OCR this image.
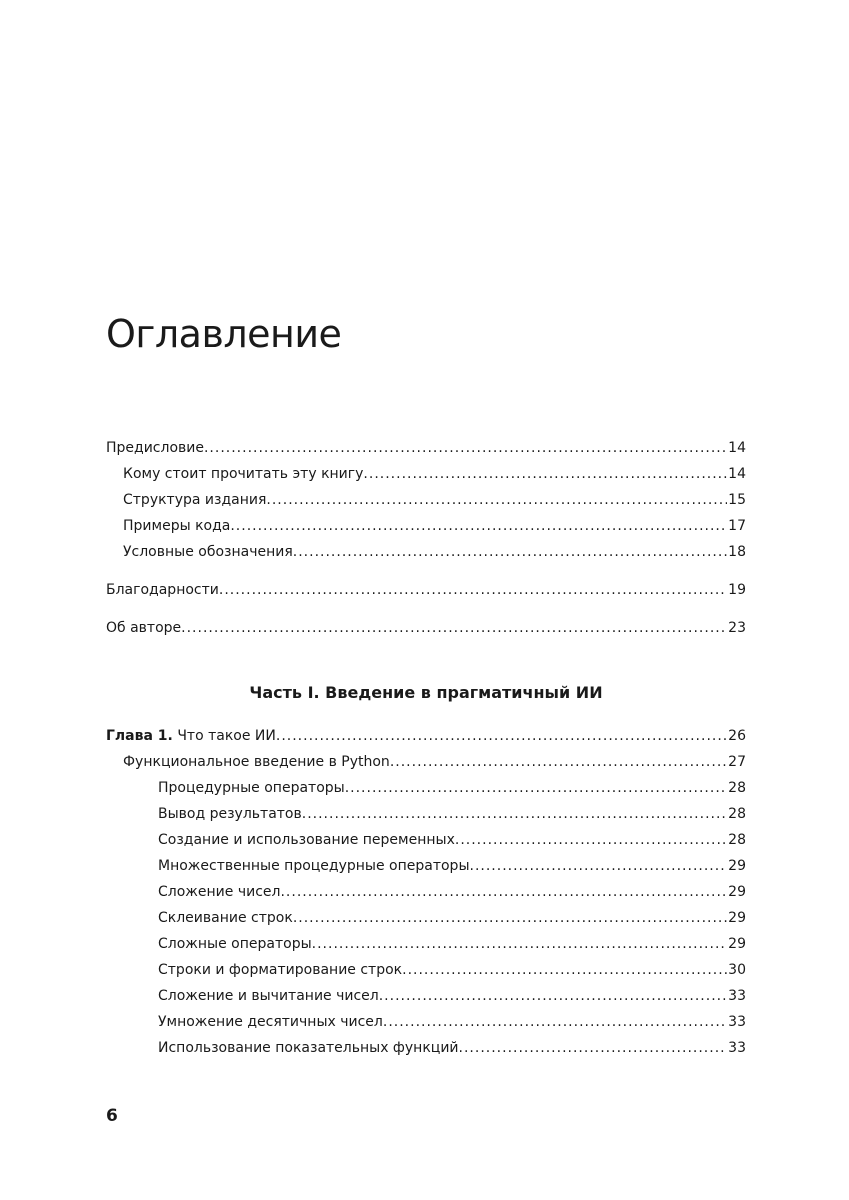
Оглавление
Предисловие .....	14
Кому стоит прочитать эту книгу .....	14
Структура издания .....	15
Примеры кода .....	17
Условные обозначения .....	18
Благодарности .....	19
Об авторе .....	23
Часть I. Введение в прагматичный ИИ
Глава 1. Что такое ИИ .....	26
Функциональное введение в Python .....	27
Процедурные операторы .....	28
Вывод результатов .....	28
Создание и использование переменных .....	28
Множественные процедурные операторы .....	29
Сложение чисел .....	29
Склеивание строк .....	29
Сложные операторы .....	29
Строки и форматирование строк .....	30
Сложение и вычитание чисел .....	33
Умножение десятичных чисел .....	33
Использование показательных функций .....	33
6
